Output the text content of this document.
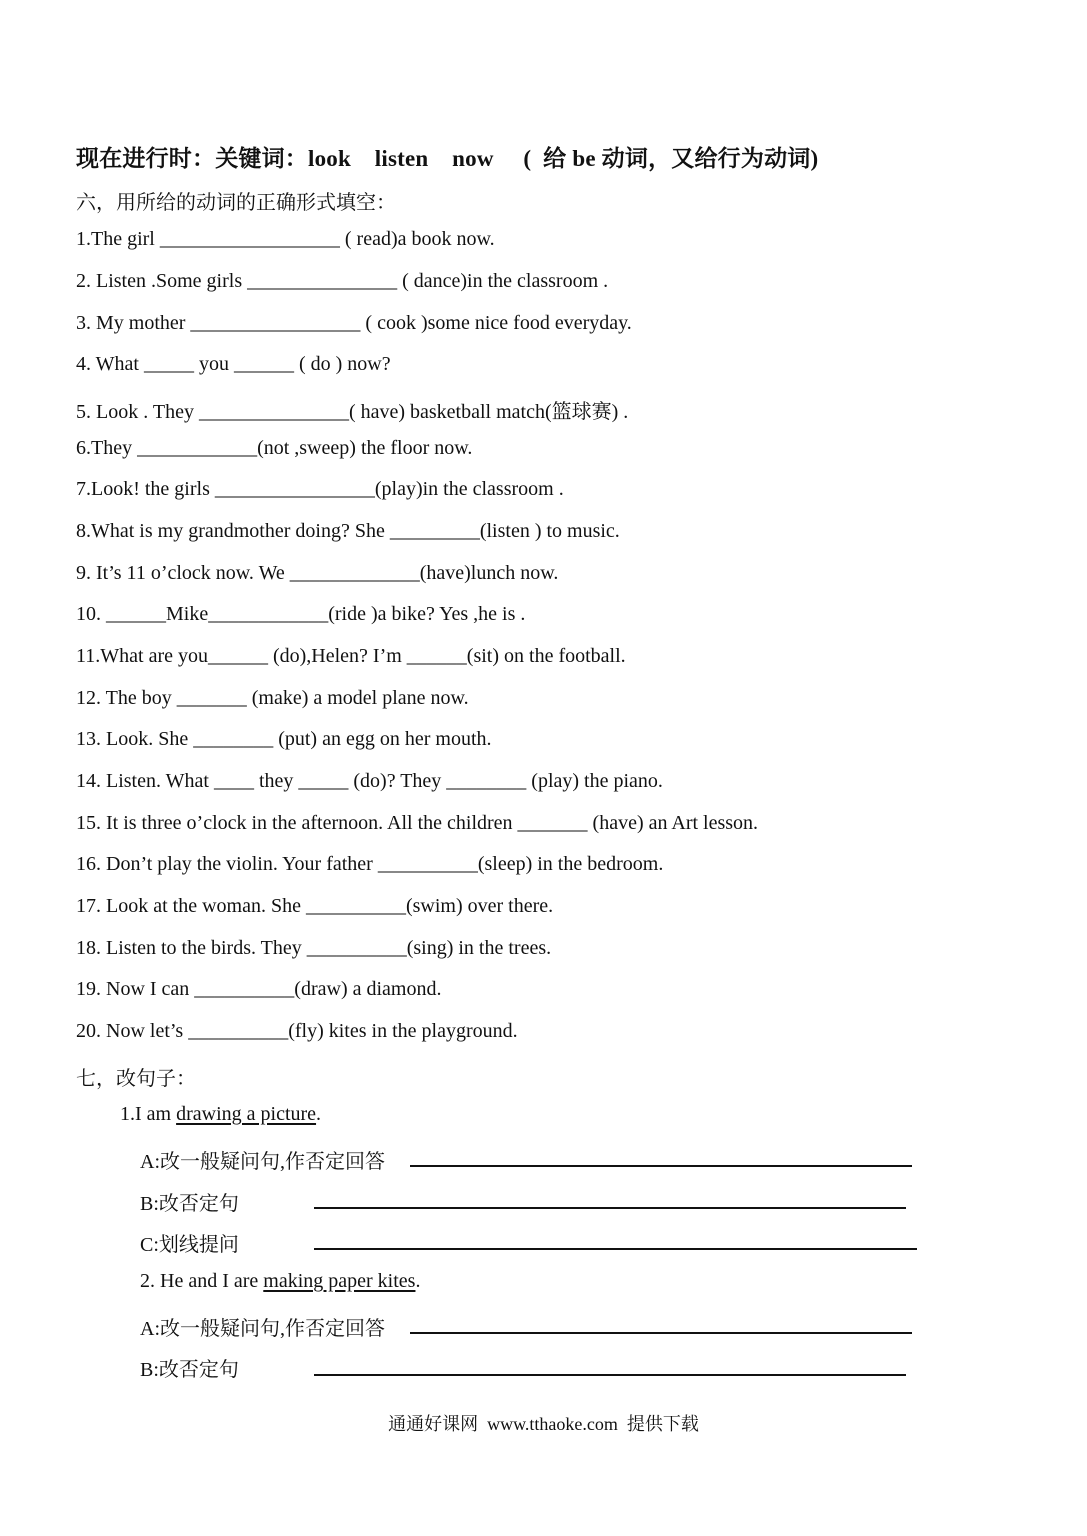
现在进行时：关键词：look    listen    now     (  给 be 动词，又给行为动词)
六，用所给的动词的正确形式填空：
1.The girl __________________ ( read)a book now.
2. Listen .Some girls _______________ ( dance)in the classroom .
3. My mother _________________ ( cook )some nice food everyday.
4. What _____ you ______ ( do ) now?
5. Look . They _______________( have) basketball match(篮球赛) .
6.They ____________(not ,sweep) the floor now.
7.Look! the girls ________________(play)in the classroom .
8.What is my grandmother doing? She _________(listen ) to music.
9. It’s 11 o’clock now. We _____________(have)lunch now.
10. ______Mike____________(ride )a bike? Yes ,he is .
11.What are you______ (do),Helen? I’m ______(sit) on the football.
12. The boy _______ (make) a model plane now.
13. Look. She ________ (put) an egg on her mouth.
14. Listen. What ____ they _____ (do)? They ________ (play) the piano.
15. It is three o’clock in the afternoon. All the children _______ (have) an Art lesson.
16. Don’t play the violin. Your father __________(sleep) in the bedroom.
17. Look at the woman. She __________(swim) over there.
18. Listen to the birds. They __________(sing) in the trees.
19. Now I can __________(draw) a diamond.
20. Now let’s __________(fly) kites in the playground.
七，改句子：
1.I am drawing a picture.
A:改一般疑问句,作否定回答
B:改否定句
C:划线提问
2. He and I are making paper kites.
A:改一般疑问句,作否定回答
B:改否定句
通通好课网  www.tthaoke.com  提供下载
